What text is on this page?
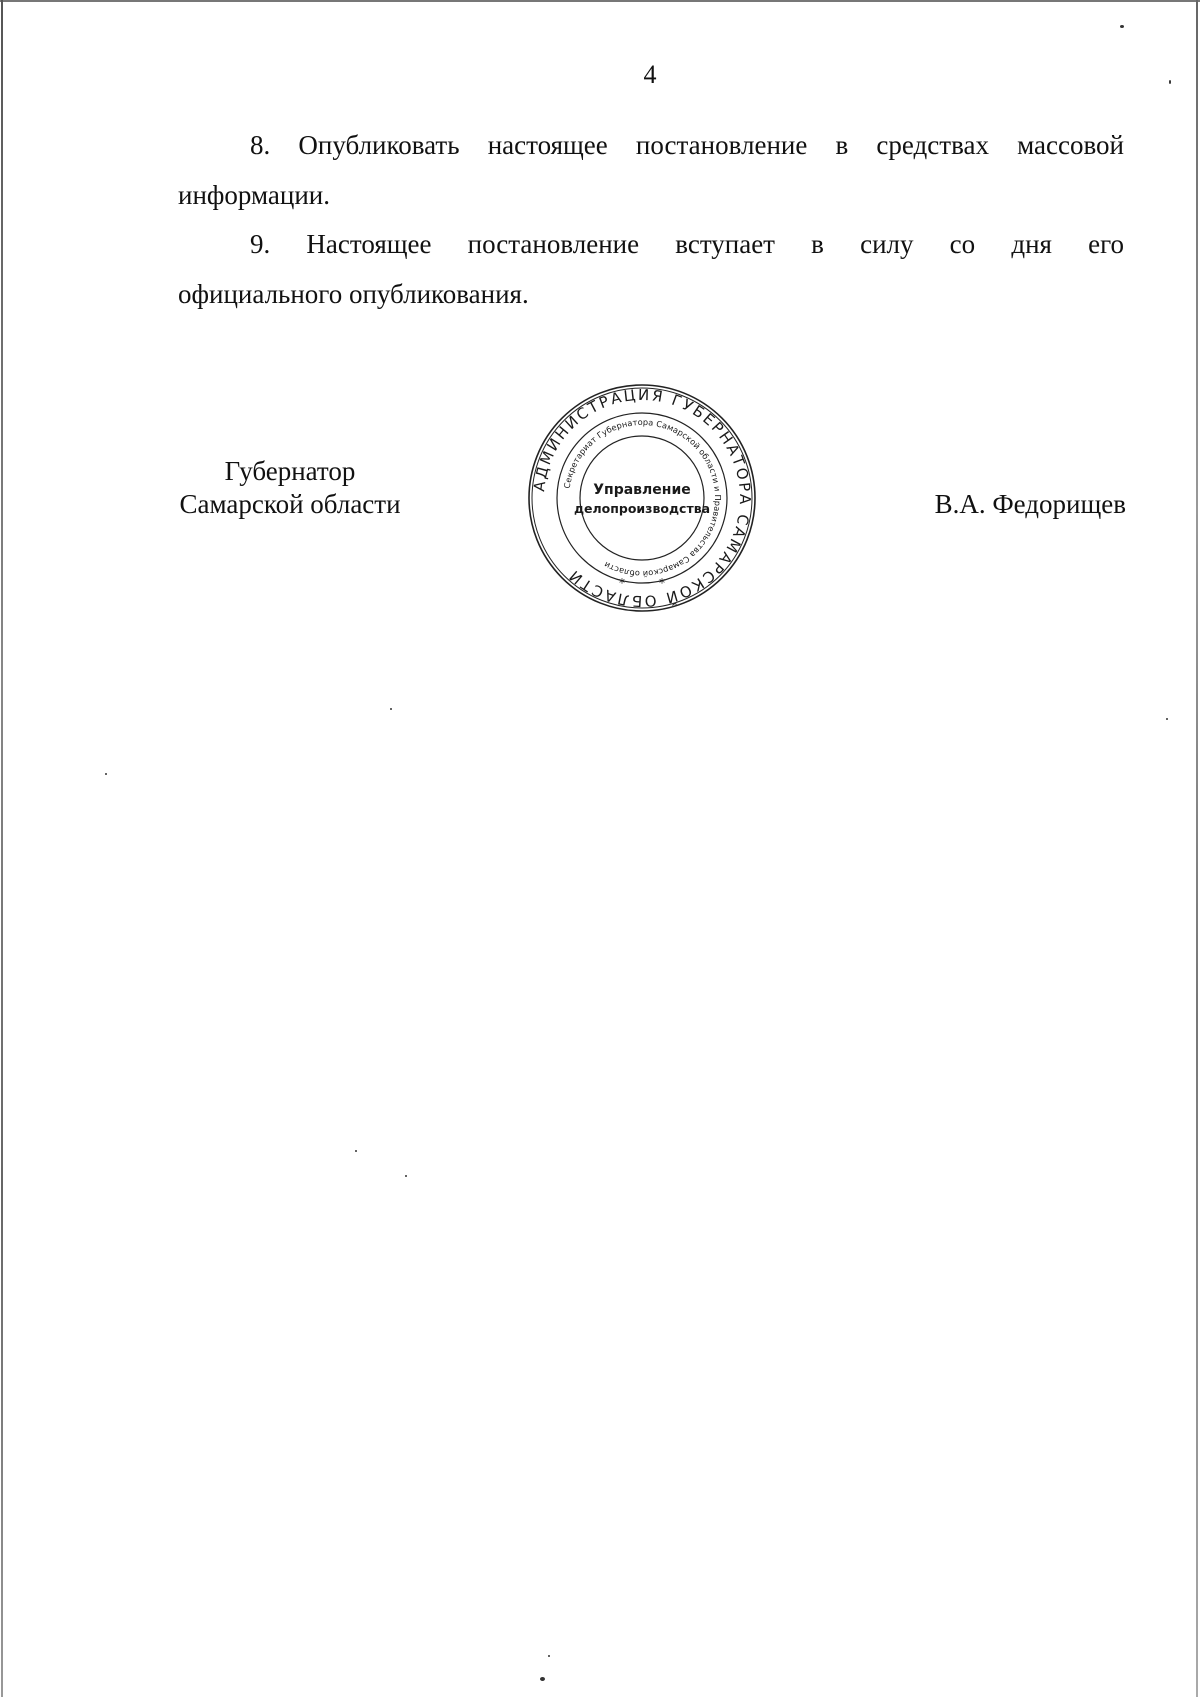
4
8. Опубликовать настоящее постановление в средствах массовой
информации.
9. Настоящее постановление вступает в силу со дня его
официального опубликования.
Губернатор
Самарской области
АДМИНИСТРАЦИЯ ГУБЕРНАТОРА САМАРСКОЙ ОБЛАСТИ
Секретариат Губернатора Самарской области и Правительства Самарской области
Управление
делопроизводства
*	*
В.А. Федорищев
